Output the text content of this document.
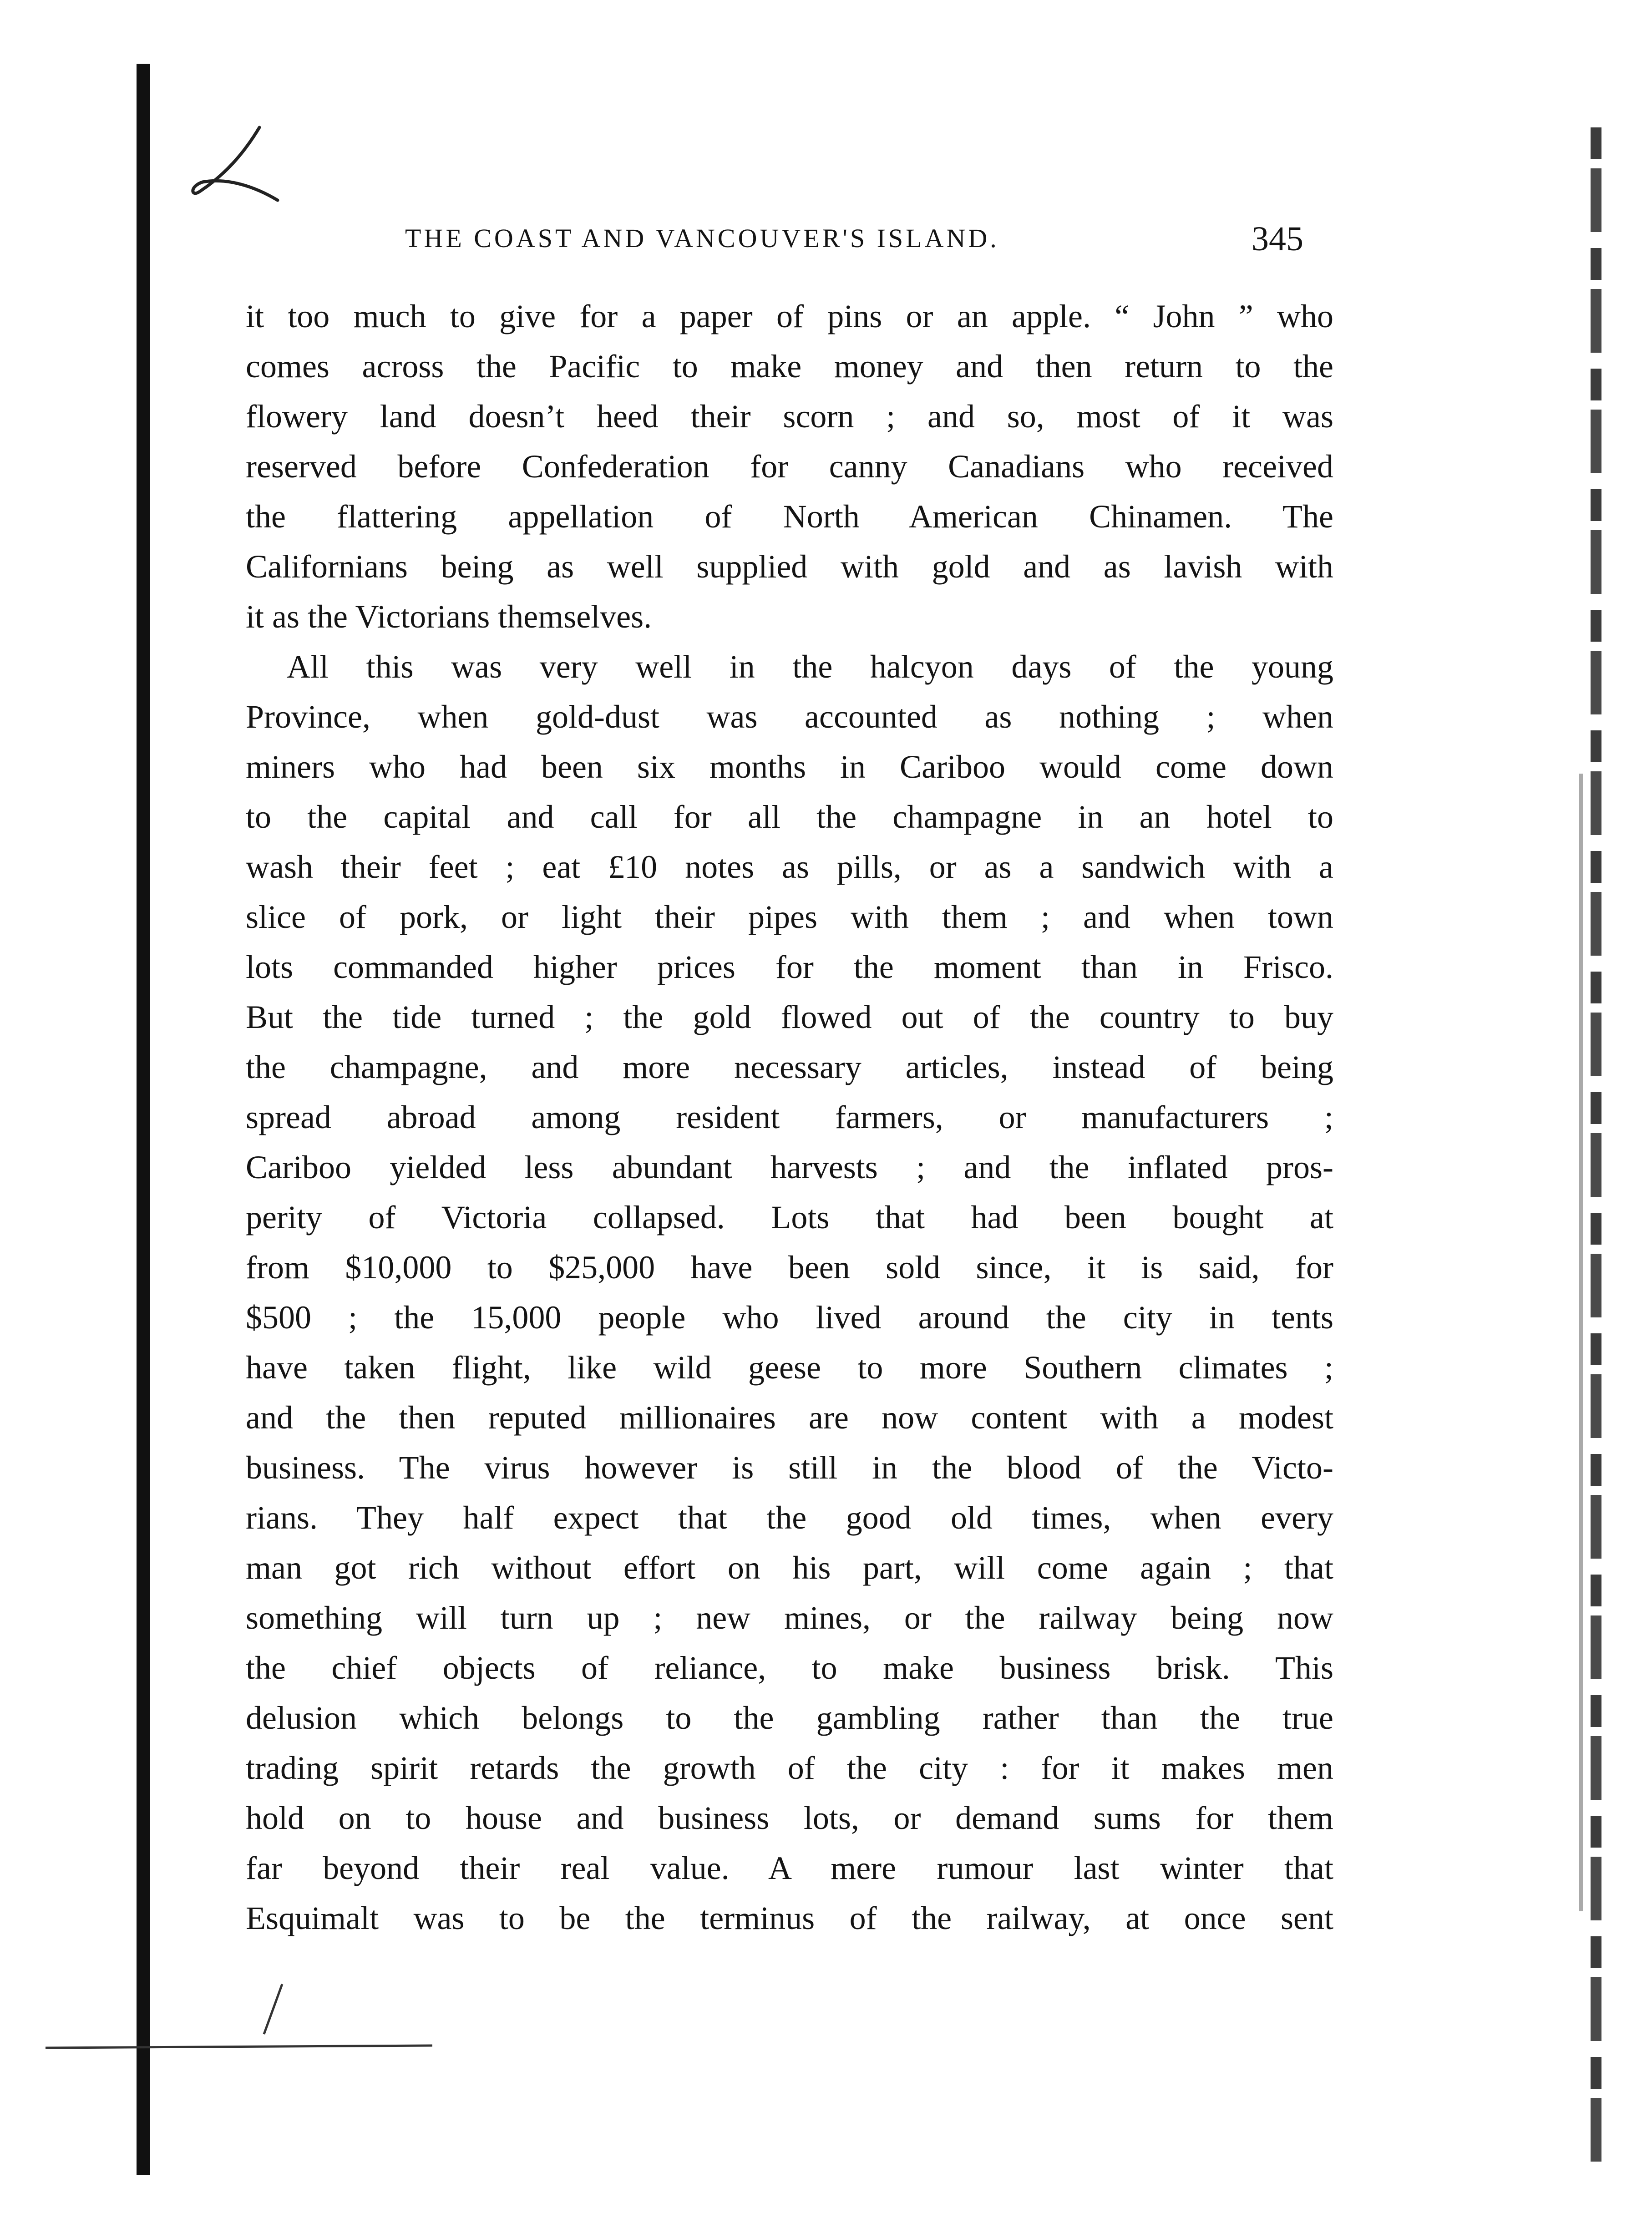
THE COAST AND VANCOUVER'S ISLAND.	345
it too much to give for a paper of pins or an apple. “ John ” who
comes across the Pacific to make money and then return to the
flowery land doesn’t heed their scorn ; and so, most of it was
reserved before Confederation for canny Canadians who received
the flattering appellation of North American Chinamen. The
Californians being as well supplied with gold and as lavish with
it as the Victorians themselves.
All this was very well in the halcyon days of the young
Province, when gold-dust was accounted as nothing ; when
miners who had been six months in Cariboo would come down
to the capital and call for all the champagne in an hotel to
wash their feet ; eat £10 notes as pills, or as a sandwich with a
slice of pork, or light their pipes with them ; and when town
lots commanded higher prices for the moment than in Frisco.
But the tide turned ; the gold flowed out of the country to buy
the champagne, and more necessary articles, instead of being
spread abroad among resident farmers, or manufacturers ;
Cariboo yielded less abundant harvests ; and the inflated pros-
perity of Victoria collapsed. Lots that had been bought at
from $10,000 to $25,000 have been sold since, it is said, for
$500 ; the 15,000 people who lived around the city in tents
have taken flight, like wild geese to more Southern climates ;
and the then reputed millionaires are now content with a modest
business. The virus however is still in the blood of the Victo-
rians. They half expect that the good old times, when every
man got rich without effort on his part, will come again ; that
something will turn up ; new mines, or the railway being now
the chief objects of reliance, to make business brisk. This
delusion which belongs to the gambling rather than the true
trading spirit retards the growth of the city : for it makes men
hold on to house and business lots, or demand sums for them
far beyond their real value. A mere rumour last winter that
Esquimalt was to be the terminus of the railway, at once sent
